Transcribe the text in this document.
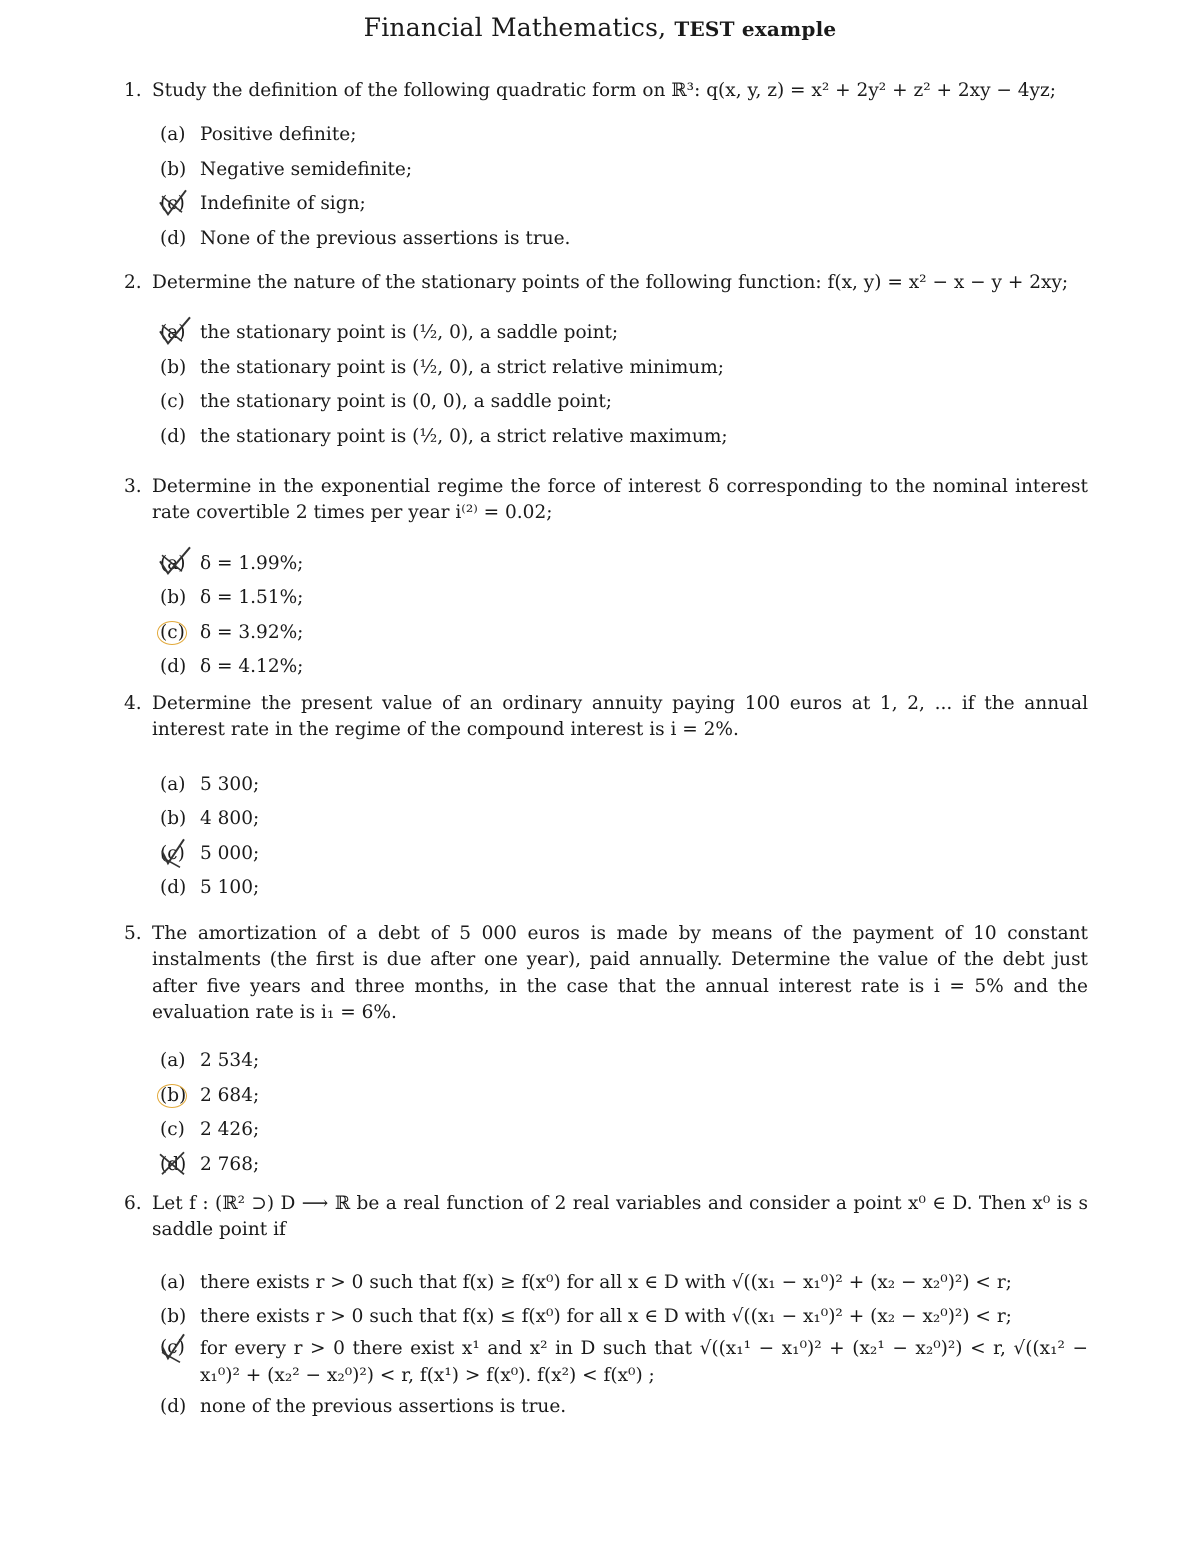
Financial Mathematics, TEST example
1. Study the definition of the following quadratic form on ℝ³: q(x, y, z) = x² + 2y² + z² + 2xy − 4yz;
(a) Positive definite;
(b) Negative semidefinite;
(c) Indefinite of sign;
(d) None of the previous assertions is true.
2. Determine the nature of the stationary points of the following function: f(x, y) = x² − x − y + 2xy;
(a) the stationary point is (½, 0), a saddle point;
(b) the stationary point is (½, 0), a strict relative minimum;
(c) the stationary point is (0, 0), a saddle point;
(d) the stationary point is (½, 0), a strict relative maximum;
3. Determine in the exponential regime the force of interest δ corresponding to the nominal interest rate covertible 2 times per year i⁽²⁾ = 0.02;
(a) δ = 1.99%;
(b) δ = 1.51%;
(c) δ = 3.92%;
(d) δ = 4.12%;
4. Determine the present value of an ordinary annuity paying 100 euros at 1, 2, ... if the annual interest rate in the regime of the compound interest is i = 2%.
(a) 5 300;
(b) 4 800;
(c) 5 000;
(d) 5 100;
5. The amortization of a debt of 5 000 euros is made by means of the payment of 10 constant instalments (the first is due after one year), paid annually. Determine the value of the debt just after five years and three months, in the case that the annual interest rate is i = 5% and the evaluation rate is i₁ = 6%.
(a) 2 534;
(b) 2 684;
(c) 2 426;
(d) 2 768;
6. Let f : (ℝ² ⊃) D ⟶ ℝ be a real function of 2 real variables and consider a point x⁰ ∈ D. Then x⁰ is s saddle point if
(a) there exists r > 0 such that f(x) ≥ f(x⁰) for all x ∈ D with √((x₁ − x₁⁰)² + (x₂ − x₂⁰)²) < r;
(b) there exists r > 0 such that f(x) ≤ f(x⁰) for all x ∈ D with √((x₁ − x₁⁰)² + (x₂ − x₂⁰)²) < r;
(c) for every r > 0 there exist x¹ and x² in D such that √((x₁¹ − x₁⁰)² + (x₂¹ − x₂⁰)²) < r, √((x₁² − x₁⁰)² + (x₂² − x₂⁰)²) < r, f(x¹) > f(x⁰). f(x²) < f(x⁰) ;
(d) none of the previous assertions is true.
